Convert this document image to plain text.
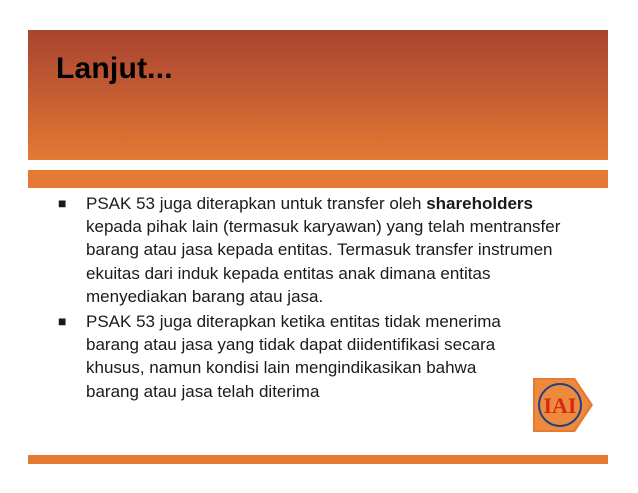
Lanjut...
■ PSAK 53 juga diterapkan untuk transfer oleh shareholders kepada pihak lain (termasuk karyawan) yang telah mentransfer barang atau jasa kepada entitas. Termasuk transfer instrumen ekuitas dari induk kepada entitas anak dimana entitas menyediakan barang atau jasa.
■ PSAK 53 juga diterapkan ketika entitas tidak menerima barang atau jasa yang tidak dapat diidentifikasi secara khusus, namun kondisi lain mengindikasikan bahwa barang atau jasa telah diterima
IAI
